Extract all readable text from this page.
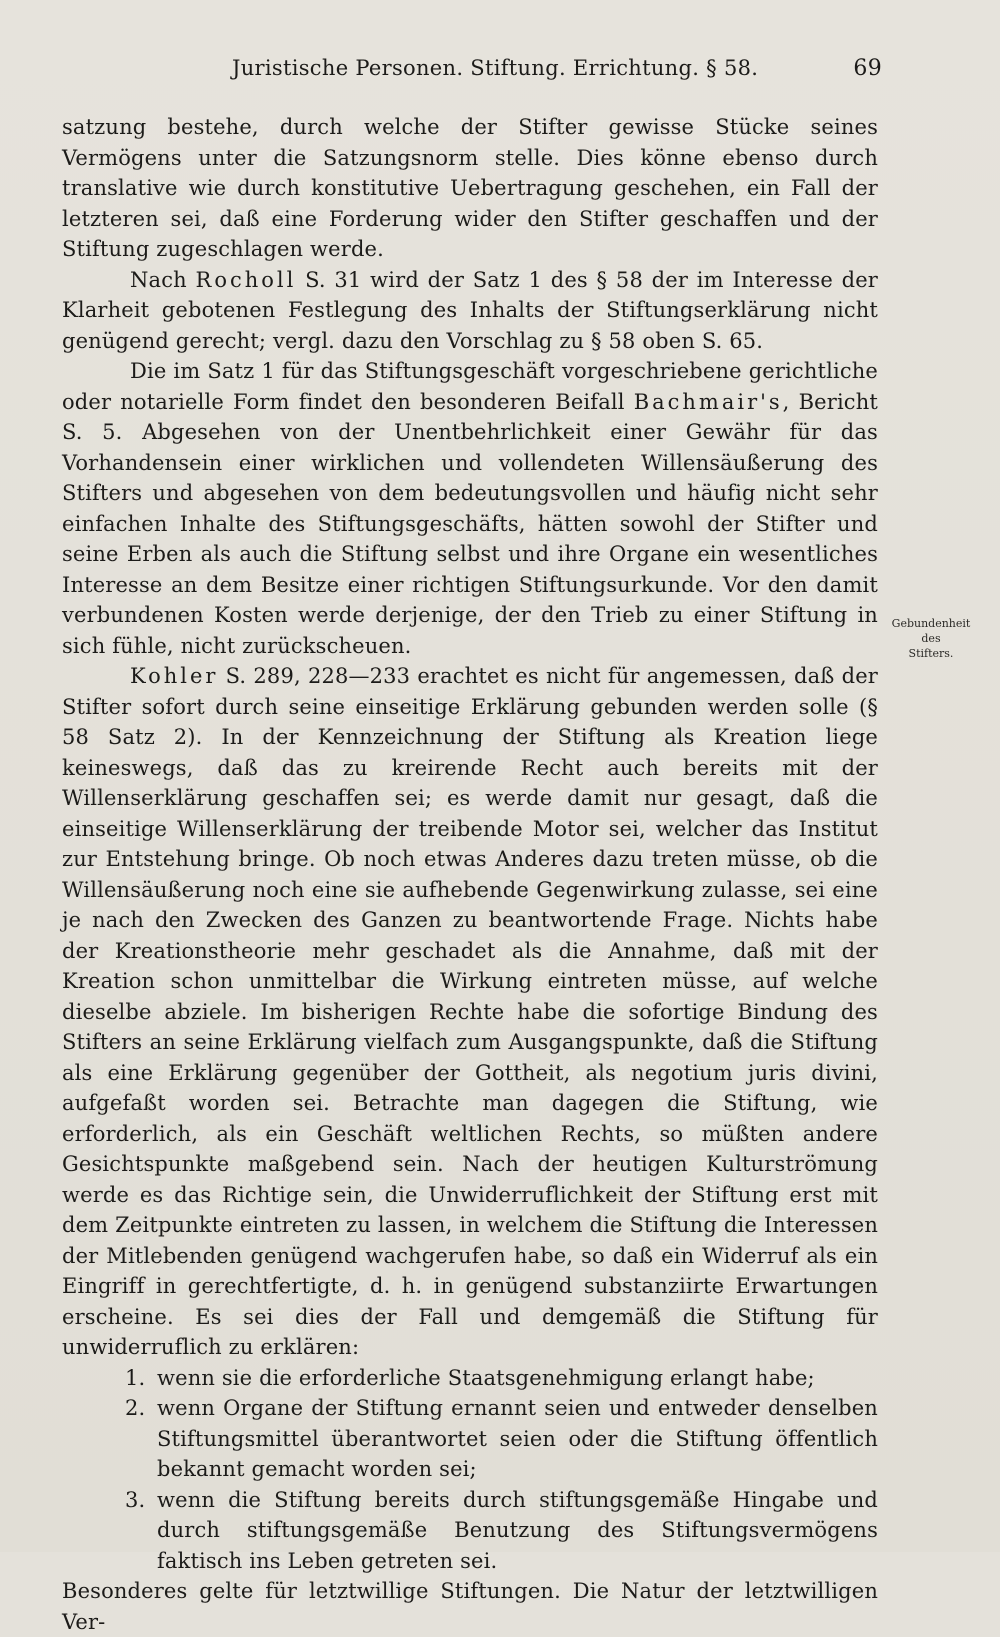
Juristische Personen. Stiftung. Errichtung. § 58.	69

satzung bestehe, durch welche der Stifter gewisse Stücke seines Vermögens unter die Satzungsnorm stelle. Dies könne ebenso durch translative wie durch konstitutive Uebertragung geschehen, ein Fall der letzteren sei, daß eine Forderung wider den Stifter geschaffen und der Stiftung zugeschlagen werde.

Nach Rocholl S. 31 wird der Satz 1 des § 58 der im Interesse der Klarheit gebotenen Festlegung des Inhalts der Stiftungserklärung nicht genügend gerecht; vergl. dazu den Vorschlag zu § 58 oben S. 65.

Die im Satz 1 für das Stiftungsgeschäft vorgeschriebene gerichtliche oder notarielle Form findet den besonderen Beifall Bachmair's, Bericht S. 5. Abgesehen von der Unentbehrlichkeit einer Gewähr für das Vorhandensein einer wirklichen und vollendeten Willensäußerung des Stifters und abgesehen von dem bedeutungsvollen und häufig nicht sehr einfachen Inhalte des Stiftungsgeschäfts, hätten sowohl der Stifter und seine Erben als auch die Stiftung selbst und ihre Organe ein wesentliches Interesse an dem Besitze einer richtigen Stiftungsurkunde. Vor den damit verbundenen Kosten werde derjenige, der den Trieb zu einer Stiftung in sich fühle, nicht zurückscheuen.

Kohler S. 289, 228—233 erachtet es nicht für angemessen, daß der Stifter sofort durch seine einseitige Erklärung gebunden werden solle (§ 58 Satz 2). In der Kennzeichnung der Stiftung als Kreation liege keineswegs, daß das zu kreirende Recht auch bereits mit der Willenserklärung geschaffen sei; es werde damit nur gesagt, daß die einseitige Willenserklärung der treibende Motor sei, welcher das Institut zur Entstehung bringe. Ob noch etwas Anderes dazu treten müsse, ob die Willensäußerung noch eine sie aufhebende Gegenwirkung zulasse, sei eine je nach den Zwecken des Ganzen zu beantwortende Frage. Nichts habe der Kreationstheorie mehr geschadet als die Annahme, daß mit der Kreation schon unmittelbar die Wirkung eintreten müsse, auf welche dieselbe abziele. Im bisherigen Rechte habe die sofortige Bindung des Stifters an seine Erklärung vielfach zum Ausgangspunkte, daß die Stiftung als eine Erklärung gegenüber der Gottheit, als negotium juris divini, aufgefaßt worden sei. Betrachte man dagegen die Stiftung, wie erforderlich, als ein Geschäft weltlichen Rechts, so müßten andere Gesichtspunkte maßgebend sein. Nach der heutigen Kulturströmung werde es das Richtige sein, die Unwiderruflichkeit der Stiftung erst mit dem Zeitpunkte eintreten zu lassen, in welchem die Stiftung die Interessen der Mitlebenden genügend wachgerufen habe, so daß ein Widerruf als ein Eingriff in gerechtfertigte, d. h. in genügend substanziirte Erwartungen erscheine. Es sei dies der Fall und demgemäß die Stiftung für unwiderruflich zu erklären:

1. wenn sie die erforderliche Staatsgenehmigung erlangt habe;

2. wenn Organe der Stiftung ernannt seien und entweder denselben Stiftungsmittel überantwortet seien oder die Stiftung öffentlich bekannt gemacht worden sei;

3. wenn die Stiftung bereits durch stiftungsgemäße Hingabe und durch stiftungsgemäße Benutzung des Stiftungsvermögens faktisch ins Leben getreten sei.

Besonderes gelte für letztwillige Stiftungen. Die Natur der letztwilligen Ver-

Gebundenheit
des
Stifters.
